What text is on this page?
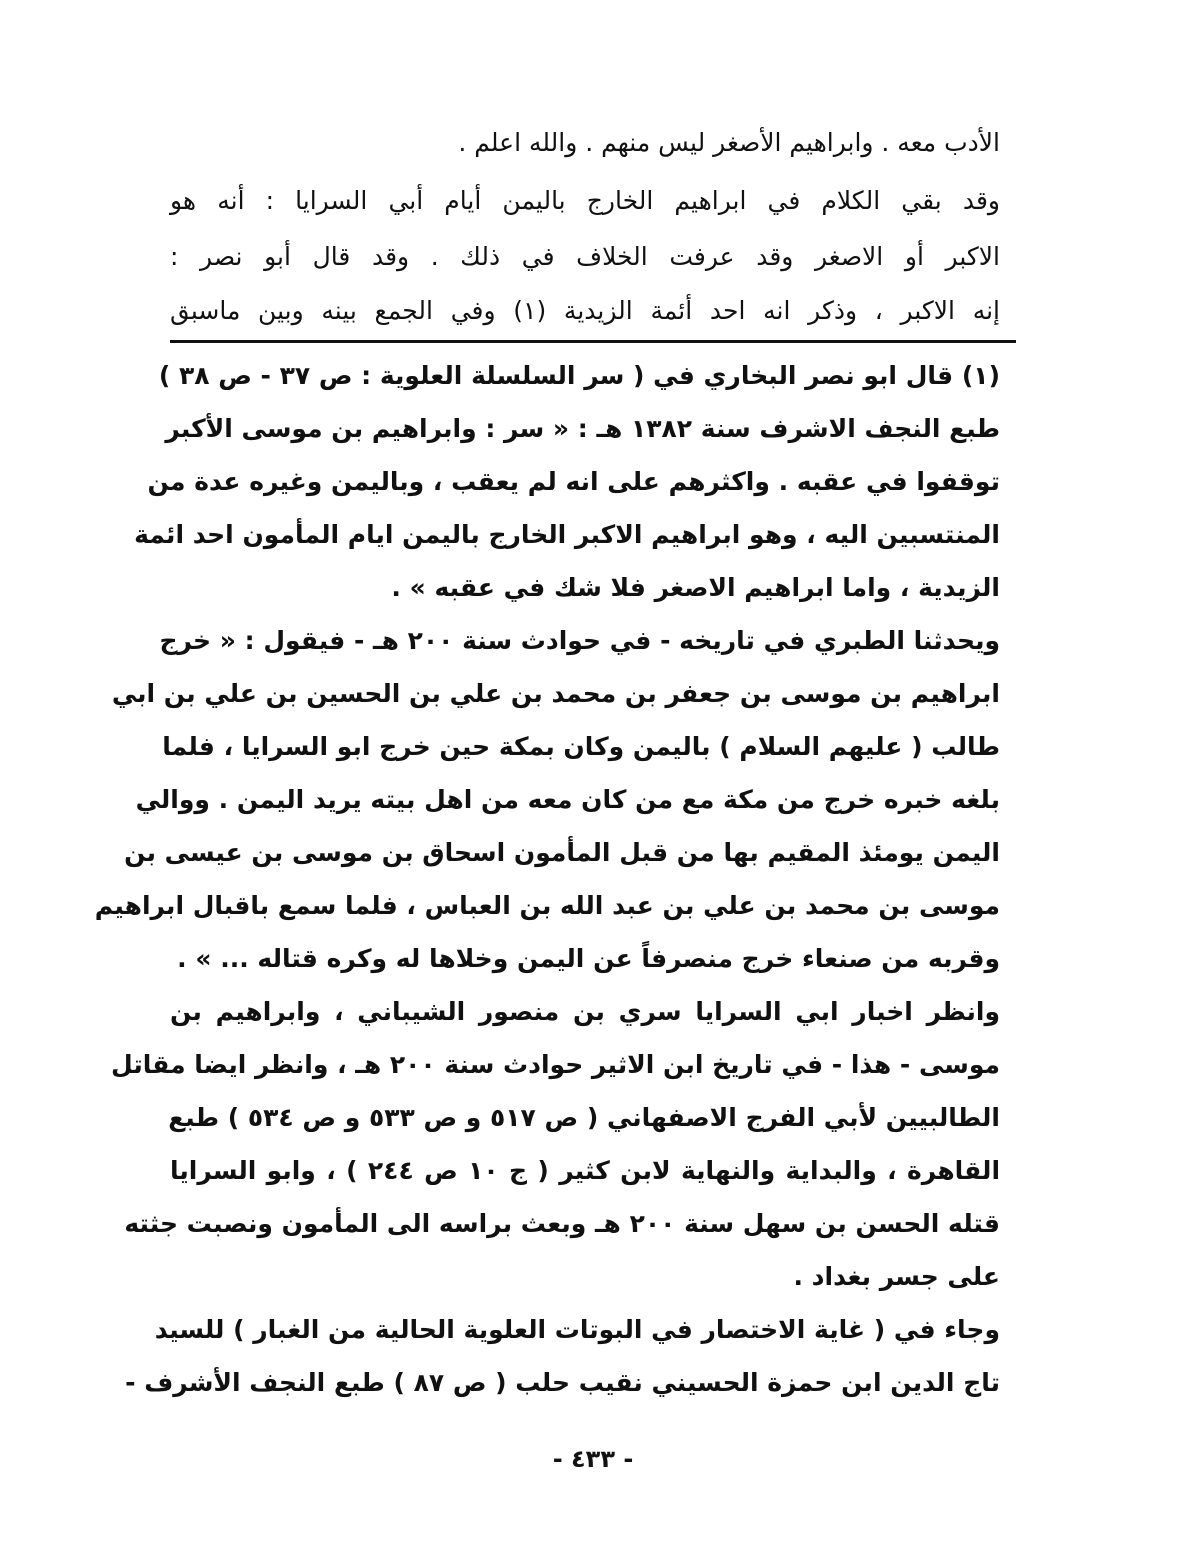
الأدب معه . وابراهيم الأصغر ليس منهم . والله اعلم .
وقد بقي الكلام في ابراهيم الخارج باليمن أيام أبي السرايا : أنه هو
الاكبر أو الاصغر وقد عرفت الخلاف في ذلك . وقد قال أبو نصر :
إنه الاكبر ، وذكر انه احد أئمة الزيدية (١) وفي الجمع بينه وبين ماسبق
(١) قال ابو نصر البخاري في ( سر السلسلة العلوية : ص ٣٧ - ص ٣٨ )
طبع النجف الاشرف سنة ١٣٨٢ هـ : « سر : وابراهيم بن موسى الأكبر
توقفوا في عقبه . واكثرهم على انه لم يعقب ، وباليمن وغيره عدة من
المنتسبين اليه ، وهو ابراهيم الاكبر الخارج باليمن ايام المأمون احد ائمة
الزيدية ، واما ابراهيم الاصغر فلا شك في عقبه » .
ويحدثنا الطبري في تاريخه - في حوادث سنة ٢٠٠ هـ - فيقول : « خرج
ابراهيم بن موسى بن جعفر بن محمد بن علي بن الحسين بن علي بن ابي
طالب ( عليهم السلام ) باليمن وكان بمكة حين خرج ابو السرايا ، فلما
بلغه خبره خرج من مكة مع من كان معه من اهل بيته يريد اليمن . ووالي
اليمن يومئذ المقيم بها من قبل المأمون اسحاق بن موسى بن عيسى بن
موسى بن محمد بن علي بن عبد الله بن العباس ، فلما سمع باقبال ابراهيم
وقربه من صنعاء خرج منصرفاً عن اليمن وخلاها له وكره قتاله ... » .
وانظر اخبار ابي السرايا سري بن منصور الشيباني ، وابراهيم بن
موسى - هذا - في تاريخ ابن الاثير حوادث سنة ٢٠٠ هـ ، وانظر ايضا مقاتل
الطالبيين لأبي الفرج الاصفهاني ( ص ٥١٧ و ص ٥٣٣ و ص ٥٣٤ ) طبع
القاهرة ، والبداية والنهاية لابن كثير ( ج ١٠ ص ٢٤٤ ) ، وابو السرايا
قتله الحسن بن سهل سنة ٢٠٠ هـ وبعث براسه الى المأمون ونصبت جثته
على جسر بغداد .
وجاء في ( غاية الاختصار في البوتات العلوية الحالية من الغبار ) للسيد
تاج الدين ابن حمزة الحسيني نقيب حلب ( ص ٨٧ ) طبع النجف الأشرف -
- ٤٣٣ -
